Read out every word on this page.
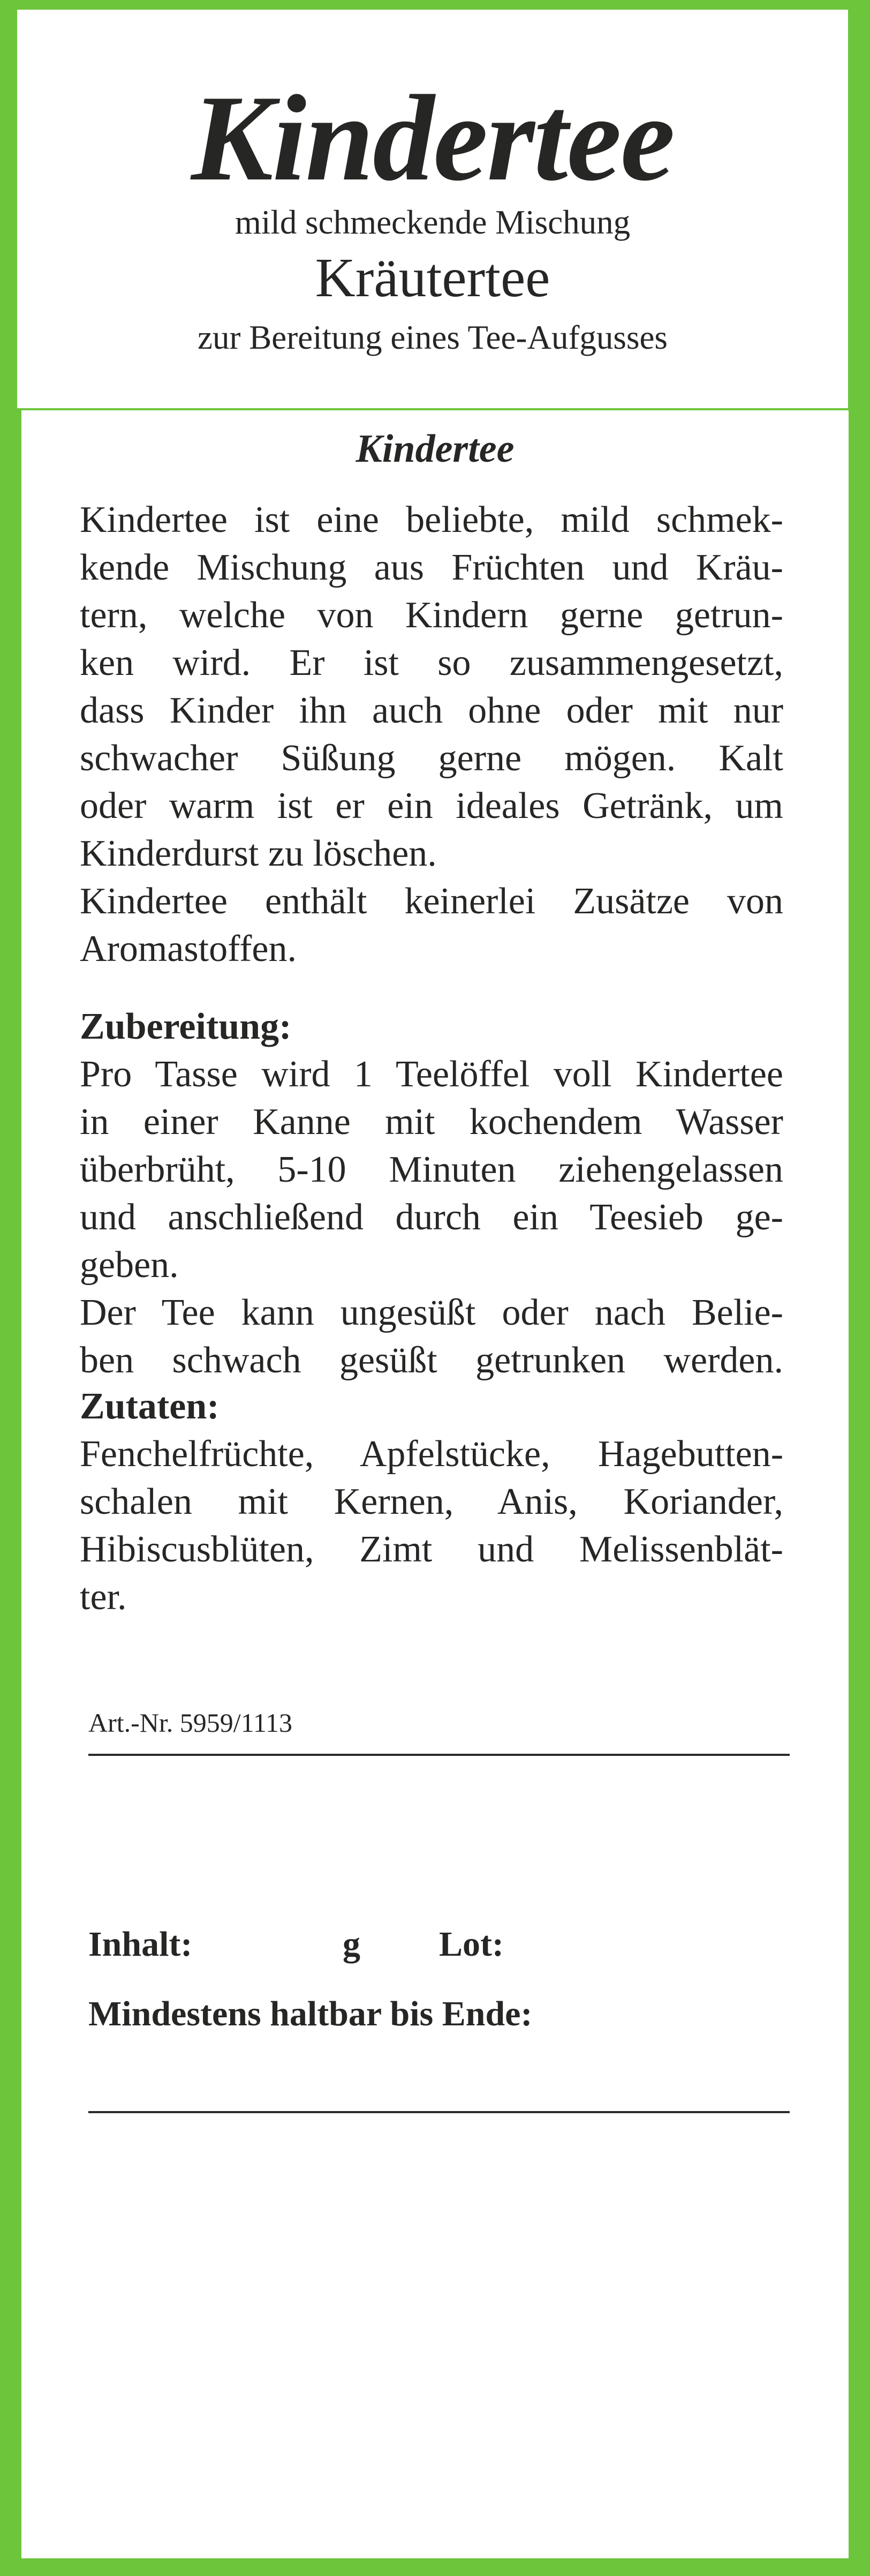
Kindertee
mild schmeckende Mischung
Kräutertee
zur Bereitung eines Tee-Aufgusses
Kindertee
Kindertee ist eine beliebte, mild schmek-
kende Mischung aus Früchten und Kräu-
tern, welche von Kindern gerne getrun-
ken wird. Er ist so zusammengesetzt,
dass Kinder ihn auch ohne oder mit nur
schwacher Süßung gerne mögen. Kalt
oder warm ist er ein ideales Getränk, um
Kinderdurst zu löschen.
Kindertee enthält keinerlei Zusätze von
Aromastoffen.
Zubereitung:
Pro Tasse wird 1 Teelöffel voll Kindertee
in einer Kanne mit kochendem Wasser
überbrüht, 5-10 Minuten ziehengelassen
und anschließend durch ein Teesieb ge-
geben.
Der Tee kann ungesüßt oder nach Belie-
ben schwach gesüßt getrunken werden.
Zutaten:
Fenchelfrüchte, Apfelstücke, Hagebutten-
schalen mit Kernen, Anis, Koriander,
Hibiscusblüten, Zimt und Melissenblät-
ter.
Art.-Nr. 5959/1113
Inhalt:	g Lot:
Mindestens haltbar bis Ende:
